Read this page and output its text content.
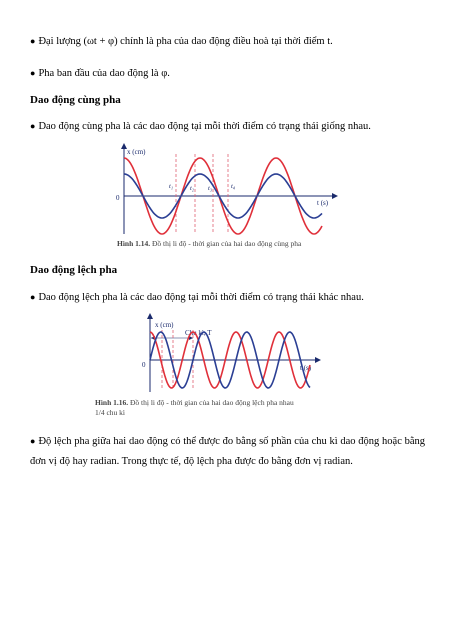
● Đại lượng (ωt + φ) chính là pha của dao động điều hoà tại thời điểm t.
● Pha ban đầu của dao động là φ.
Dao động cùng pha
● Dao động cùng pha là các dao động tại mỗi thời điểm có trạng thái giống nhau.
x (cm)
t (s)
0
t₁	t₂ t₃	t₄
Hình 1.14. Đồ thị li độ - thời gian của hai dao động cùng pha
Dao động lệch pha
● Dao động lệch pha là các dao động tại mỗi thời điểm có trạng thái khác nhau.
x (cm)
Chu kì, T
t (s)
0
Hình 1.16. Đồ thị li độ - thời gian của hai dao động lệch pha nhau
1/4 chu kì
● Độ lệch pha giữa hai dao động có thể được đo bằng số phần của chu kì dao động hoặc bằng đơn vị độ hay radian. Trong thực tế, độ lệch pha được đo bằng đơn vị radian.
